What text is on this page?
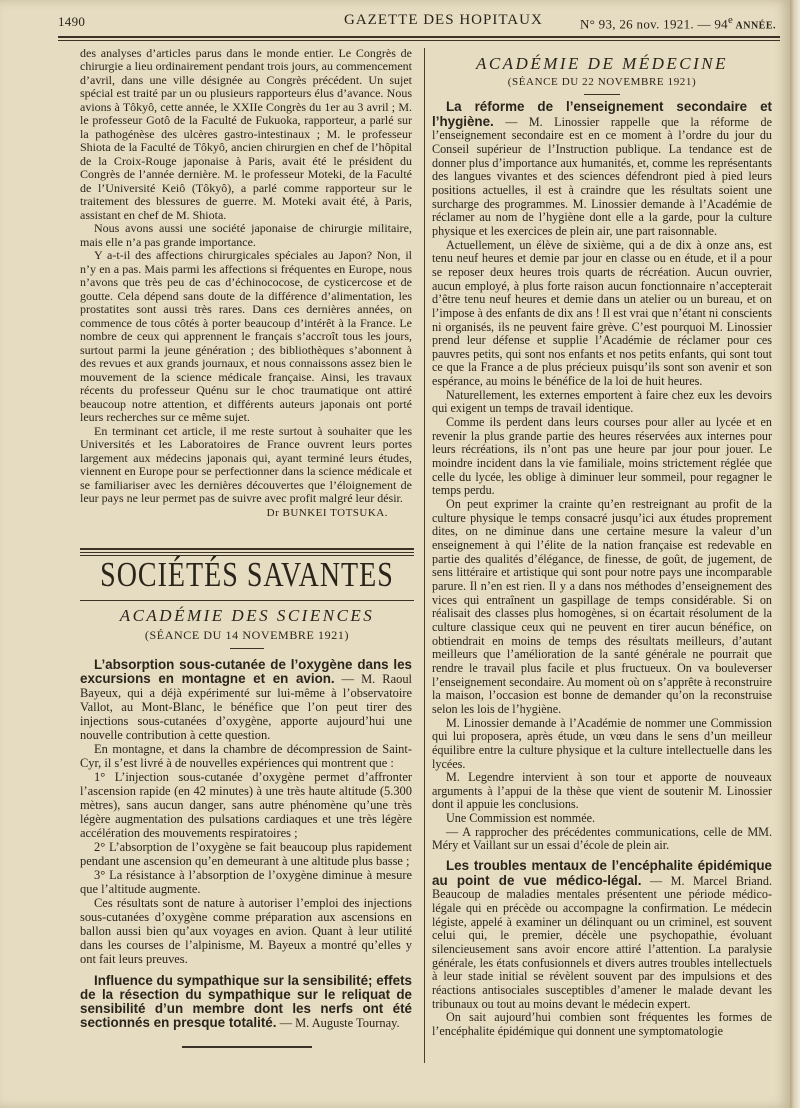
1490	GAZETTE DES HOPITAUX	N° 93, 26 nov. 1921. — 94e ANNÉE.

des analyses d’articles parus dans le monde entier. Le Congrès de chirurgie a lieu ordinairement pendant trois jours, au commencement d’avril, dans une ville désignée au Congrès précédent. Un sujet spécial est traité par un ou plusieurs rapporteurs élus d’avance. Nous avions à Tôkyô, cette année, le XXIIe Congrès du 1er au 3 avril ; M. le professeur Gotô de la Faculté de Fukuoka, rapporteur, a parlé sur la pathogénèse des ulcères gastro-intestinaux ; M. le professeur Shiota de la Faculté de Tôkyô, ancien chirurgien en chef de l’hôpital de la Croix-Rouge japonaise à Paris, avait été le président du Congrès de l’année dernière. M. le professeur Moteki, de la Faculté de l’Université Keiô (Tôkyô), a parlé comme rapporteur sur le traitement des blessures de guerre. M. Moteki avait été, à Paris, assistant en chef de M. Shiota.

Nous avons aussi une société japonaise de chirurgie militaire, mais elle n’a pas grande importance.

Y a-t-il des affections chirurgicales spéciales au Japon? Non, il n’y en a pas. Mais parmi les affections si fréquentes en Europe, nous n’avons que très peu de cas d’échinococose, de cysticercose et de goutte. Cela dépend sans doute de la différence d’alimentation, les prostatites sont aussi très rares. Dans ces dernières années, on commence de tous côtés à porter beaucoup d’intérêt à la France. Le nombre de ceux qui apprennent le français s’accroît tous les jours, surtout parmi la jeune génération ; des bibliothèques s’abonnent à des revues et aux grands journaux, et nous connaissons assez bien le mouvement de la science médicale française. Ainsi, les travaux récents du professeur Quénu sur le choc traumatique ont attiré beaucoup notre attention, et différents auteurs japonais ont porté leurs recherches sur ce même sujet.

En terminant cet article, il me reste surtout à souhaiter que les Universités et les Laboratoires de France ouvrent leurs portes largement aux médecins japonais qui, ayant terminé leurs études, viennent en Europe pour se perfectionner dans la science médicale et se familiariser avec les dernières découvertes que l’éloignement de leur pays ne leur permet pas de suivre avec profit malgré leur désir.

Dr BUNKEI TOTSUKA.
SOCIÉTÉS SAVANTES
ACADÉMIE DES SCIENCES
(SÉANCE DU 14 NOVEMBRE 1921)

L’absorption sous-cutanée de l’oxygène dans les excursions en montagne et en avion. — M. Raoul Bayeux, qui a déjà expérimenté sur lui-même à l’observatoire Vallot, au Mont-Blanc, le bénéfice que l’on peut tirer des injections sous-cutanées d’oxygène, apporte aujourd’hui une nouvelle contribution à cette question.

En montagne, et dans la chambre de décompression de Saint-Cyr, il s’est livré à de nouvelles expériences qui montrent que :

1° L’injection sous-cutanée d’oxygène permet d’affronter l’ascension rapide (en 42 minutes) à une très haute altitude (5.300 mètres), sans aucun danger, sans autre phénomène qu’une très légère augmentation des pulsations cardiaques et une très légère accélération des mouvements respiratoires ;

2° L’absorption de l’oxygène se fait beaucoup plus rapidement pendant une ascension qu’en demeurant à une altitude plus basse ;

3° La résistance à l’absorption de l’oxygène diminue à mesure que l’altitude augmente.

Ces résultats sont de nature à autoriser l’emploi des injections sous-cutanées d’oxygène comme préparation aux ascensions en ballon aussi bien qu’aux voyages en avion. Quant à leur utilité dans les courses de l’alpinisme, M. Bayeux a montré qu’elles y ont fait leurs preuves.

Influence du sympathique sur la sensibilité; effets de la résection du sympathique sur le reliquat de sensibilité d’un membre dont les nerfs ont été sectionnés en presque totalité. — M. Auguste Tournay.

ACADÉMIE DE MÉDECINE
(SÉANCE DU 22 NOVEMBRE 1921)

La réforme de l’enseignement secondaire et l’hygiène. — M. Linossier rappelle que la réforme de l’enseignement secondaire est en ce moment à l’ordre du jour du Conseil supérieur de l’Instruction publique. La tendance est de donner plus d’importance aux humanités, et, comme les représentants des langues vivantes et des sciences défendront pied à pied leurs positions actuelles, il est à craindre que les résultats soient une surcharge des programmes. M. Linossier demande à l’Académie de réclamer au nom de l’hygiène dont elle a la garde, pour la culture physique et les exercices de plein air, une part raisonnable.

Actuellement, un élève de sixième, qui a de dix à onze ans, est tenu neuf heures et demie par jour en classe ou en étude, et il a pour se reposer deux heures trois quarts de récréation. Aucun ouvrier, aucun employé, à plus forte raison aucun fonctionnaire n’accepterait d’être tenu neuf heures et demie dans un atelier ou un bureau, et on l’impose à des enfants de dix ans ! Il est vrai que n’étant ni conscients ni organisés, ils ne peuvent faire grève. C’est pourquoi M. Linossier prend leur défense et supplie l’Académie de réclamer pour ces pauvres petits, qui sont nos enfants et nos petits enfants, qui sont tout ce que la France a de plus précieux puisqu’ils sont son avenir et son espérance, au moins le bénéfice de la loi de huit heures.

Naturellement, les externes emportent à faire chez eux les devoirs qui exigent un temps de travail identique.

Comme ils perdent dans leurs courses pour aller au lycée et en revenir la plus grande partie des heures réservées aux internes pour leurs récréations, ils n’ont pas une heure par jour pour jouer. Le moindre incident dans la vie familiale, moins strictement réglée que celle du lycée, les oblige à diminuer leur sommeil, pour regagner le temps perdu.

On peut exprimer la crainte qu’en restreignant au profit de la culture physique le temps consacré jusqu’ici aux études proprement dites, on ne diminue dans une certaine mesure la valeur d’un enseignement à qui l’élite de la nation française est redevable en partie des qualités d’élégance, de finesse, de goût, de jugement, de sens littéraire et artistique qui sont pour notre pays une incomparable parure. Il n’en est rien. Il y a dans nos méthodes d’enseignement des vices qui entraînent un gaspillage de temps considérable. Si on réalisait des classes plus homogènes, si on écartait résolument de la culture classique ceux qui ne peuvent en tirer aucun bénéfice, on obtiendrait en moins de temps des résultats meilleurs, d’autant meilleurs que l’amélioration de la santé générale ne pourrait que rendre le travail plus facile et plus fructueux. On va bouleverser l’enseignement secondaire. Au moment où on s’apprête à reconstruire la maison, l’occasion est bonne de demander qu’on la reconstruise selon les lois de l’hygiène.

M. Linossier demande à l’Académie de nommer une Commission qui lui proposera, après étude, un vœu dans le sens d’un meilleur équilibre entre la culture physique et la culture intellectuelle dans les lycées.

M. Legendre intervient à son tour et apporte de nouveaux arguments à l’appui de la thèse que vient de soutenir M. Linossier dont il appuie les conclusions.

Une Commission est nommée.

— A rapprocher des précédentes communications, celle de MM. Méry et Vaillant sur un essai d’école de plein air.

Les troubles mentaux de l’encéphalite épidémique au point de vue médico-légal. — M. Marcel Briand. Beaucoup de maladies mentales présentent une période médico-légale qui en précède ou accompagne la confirmation. Le médecin légiste, appelé à examiner un délinquant ou un criminel, est souvent celui qui, le premier, décèle une psychopathie, évoluant silencieusement sans avoir encore attiré l’attention. La paralysie générale, les états confusionnels et divers autres troubles intellectuels à leur stade initial se révèlent souvent par des impulsions et des réactions antisociales susceptibles d’amener le malade devant les tribunaux ou tout au moins devant le médecin expert.

On sait aujourd’hui combien sont fréquentes les formes de l’encéphalite épidémique qui donnent une symptomatologie
